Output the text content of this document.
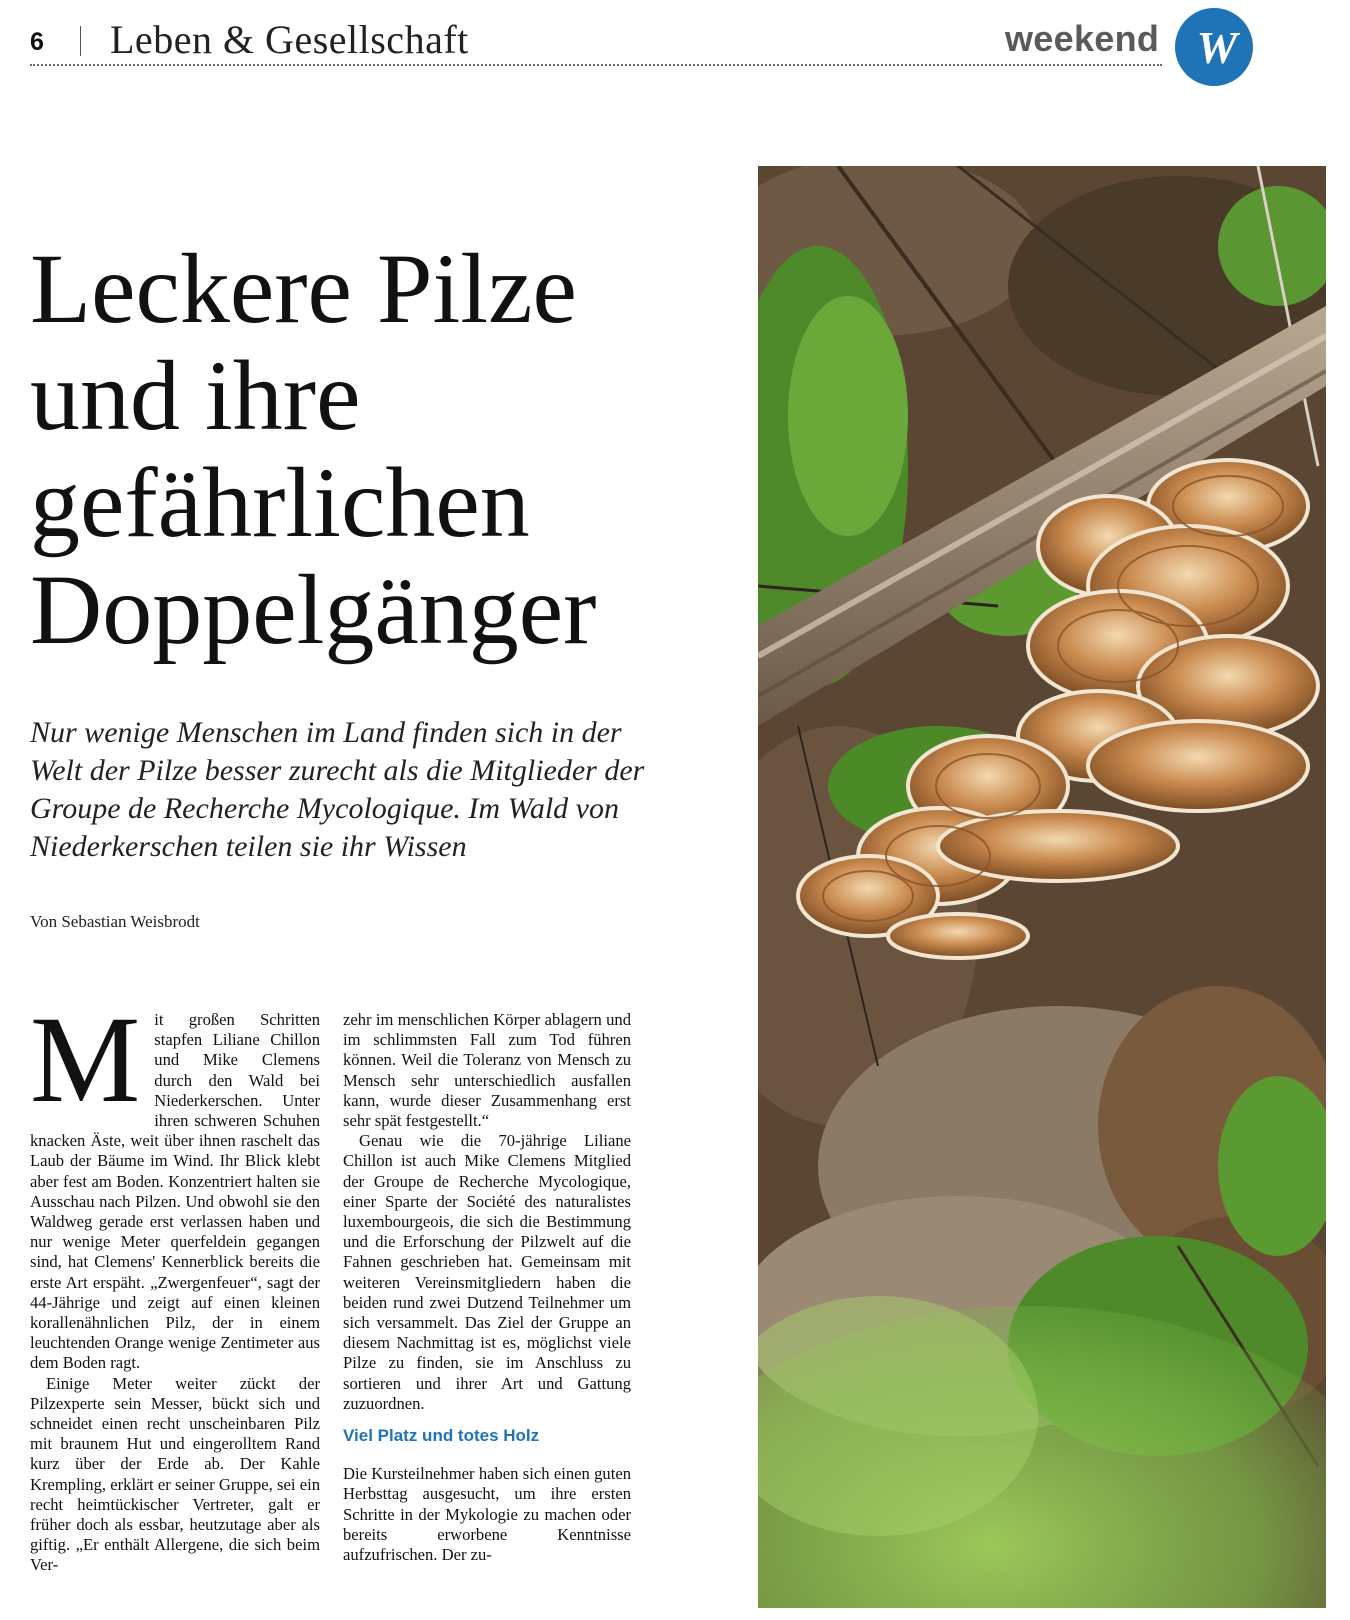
6 Leben & Gesellschaft	weekend W
Leckere Pilze
und ihre
gefährlichen
Doppelgänger
Nur wenige Menschen im Land finden sich in der
Welt der Pilze besser zurecht als die Mitglieder der
Groupe de Recherche Mycologique. Im Wald von
Niederkerschen teilen sie ihr Wissen
Von Sebastian Weisbrodt
M it großen Schritten stapfen Liliane Chillon und Mike Clemens durch den Wald bei Niederkerschen. Unter ihren schweren Schuhen knacken Äste, weit über ihnen raschelt das Laub der Bäume im Wind. Ihr Blick klebt aber fest am Boden. Konzentriert halten sie Ausschau nach Pilzen. Und obwohl sie den Waldweg gerade erst verlassen haben und nur wenige Meter querfeldein gegangen sind, hat Clemens' Kennerblick bereits die erste Art erspäht. „Zwergenfeuer“, sagt der 44-Jährige und zeigt auf einen kleinen korallenähnlichen Pilz, der in einem leuchtenden Orange wenige Zentimeter aus dem Boden ragt.

Einige Meter weiter zückt der Pilzexperte sein Messer, bückt sich und schneidet einen recht unscheinbaren Pilz mit braunem Hut und eingerolltem Rand kurz über der Erde ab. Der Kahle Krempling, erklärt er seiner Gruppe, sei ein recht heimtückischer Vertreter, galt er früher doch als essbar, heutzutage aber als giftig. „Er enthält Allergene, die sich beim Ver-

zehr im menschlichen Körper ablagern und im schlimmsten Fall zum Tod führen können. Weil die Toleranz von Mensch zu Mensch sehr unterschiedlich ausfallen kann, wurde dieser Zusammenhang erst sehr spät festgestellt.“

Genau wie die 70-jährige Liliane Chillon ist auch Mike Clemens Mitglied der Groupe de Recherche Mycologique, einer Sparte der Société des naturalistes luxembourgeois, die sich die Bestimmung und die Erforschung der Pilzwelt auf die Fahnen geschrieben hat. Gemeinsam mit weiteren Vereinsmitgliedern haben die beiden rund zwei Dutzend Teilnehmer um sich versammelt. Das Ziel der Gruppe an diesem Nachmittag ist es, möglichst viele Pilze zu finden, sie im Anschluss zu sortieren und ihrer Art und Gattung zuzuordnen.

Viel Platz und totes Holz

Die Kursteilnehmer haben sich einen guten Herbsttag ausgesucht, um ihre ersten Schritte in der Mykologie zu machen oder bereits erworbene Kenntnisse aufzufrischen. Der zu-
